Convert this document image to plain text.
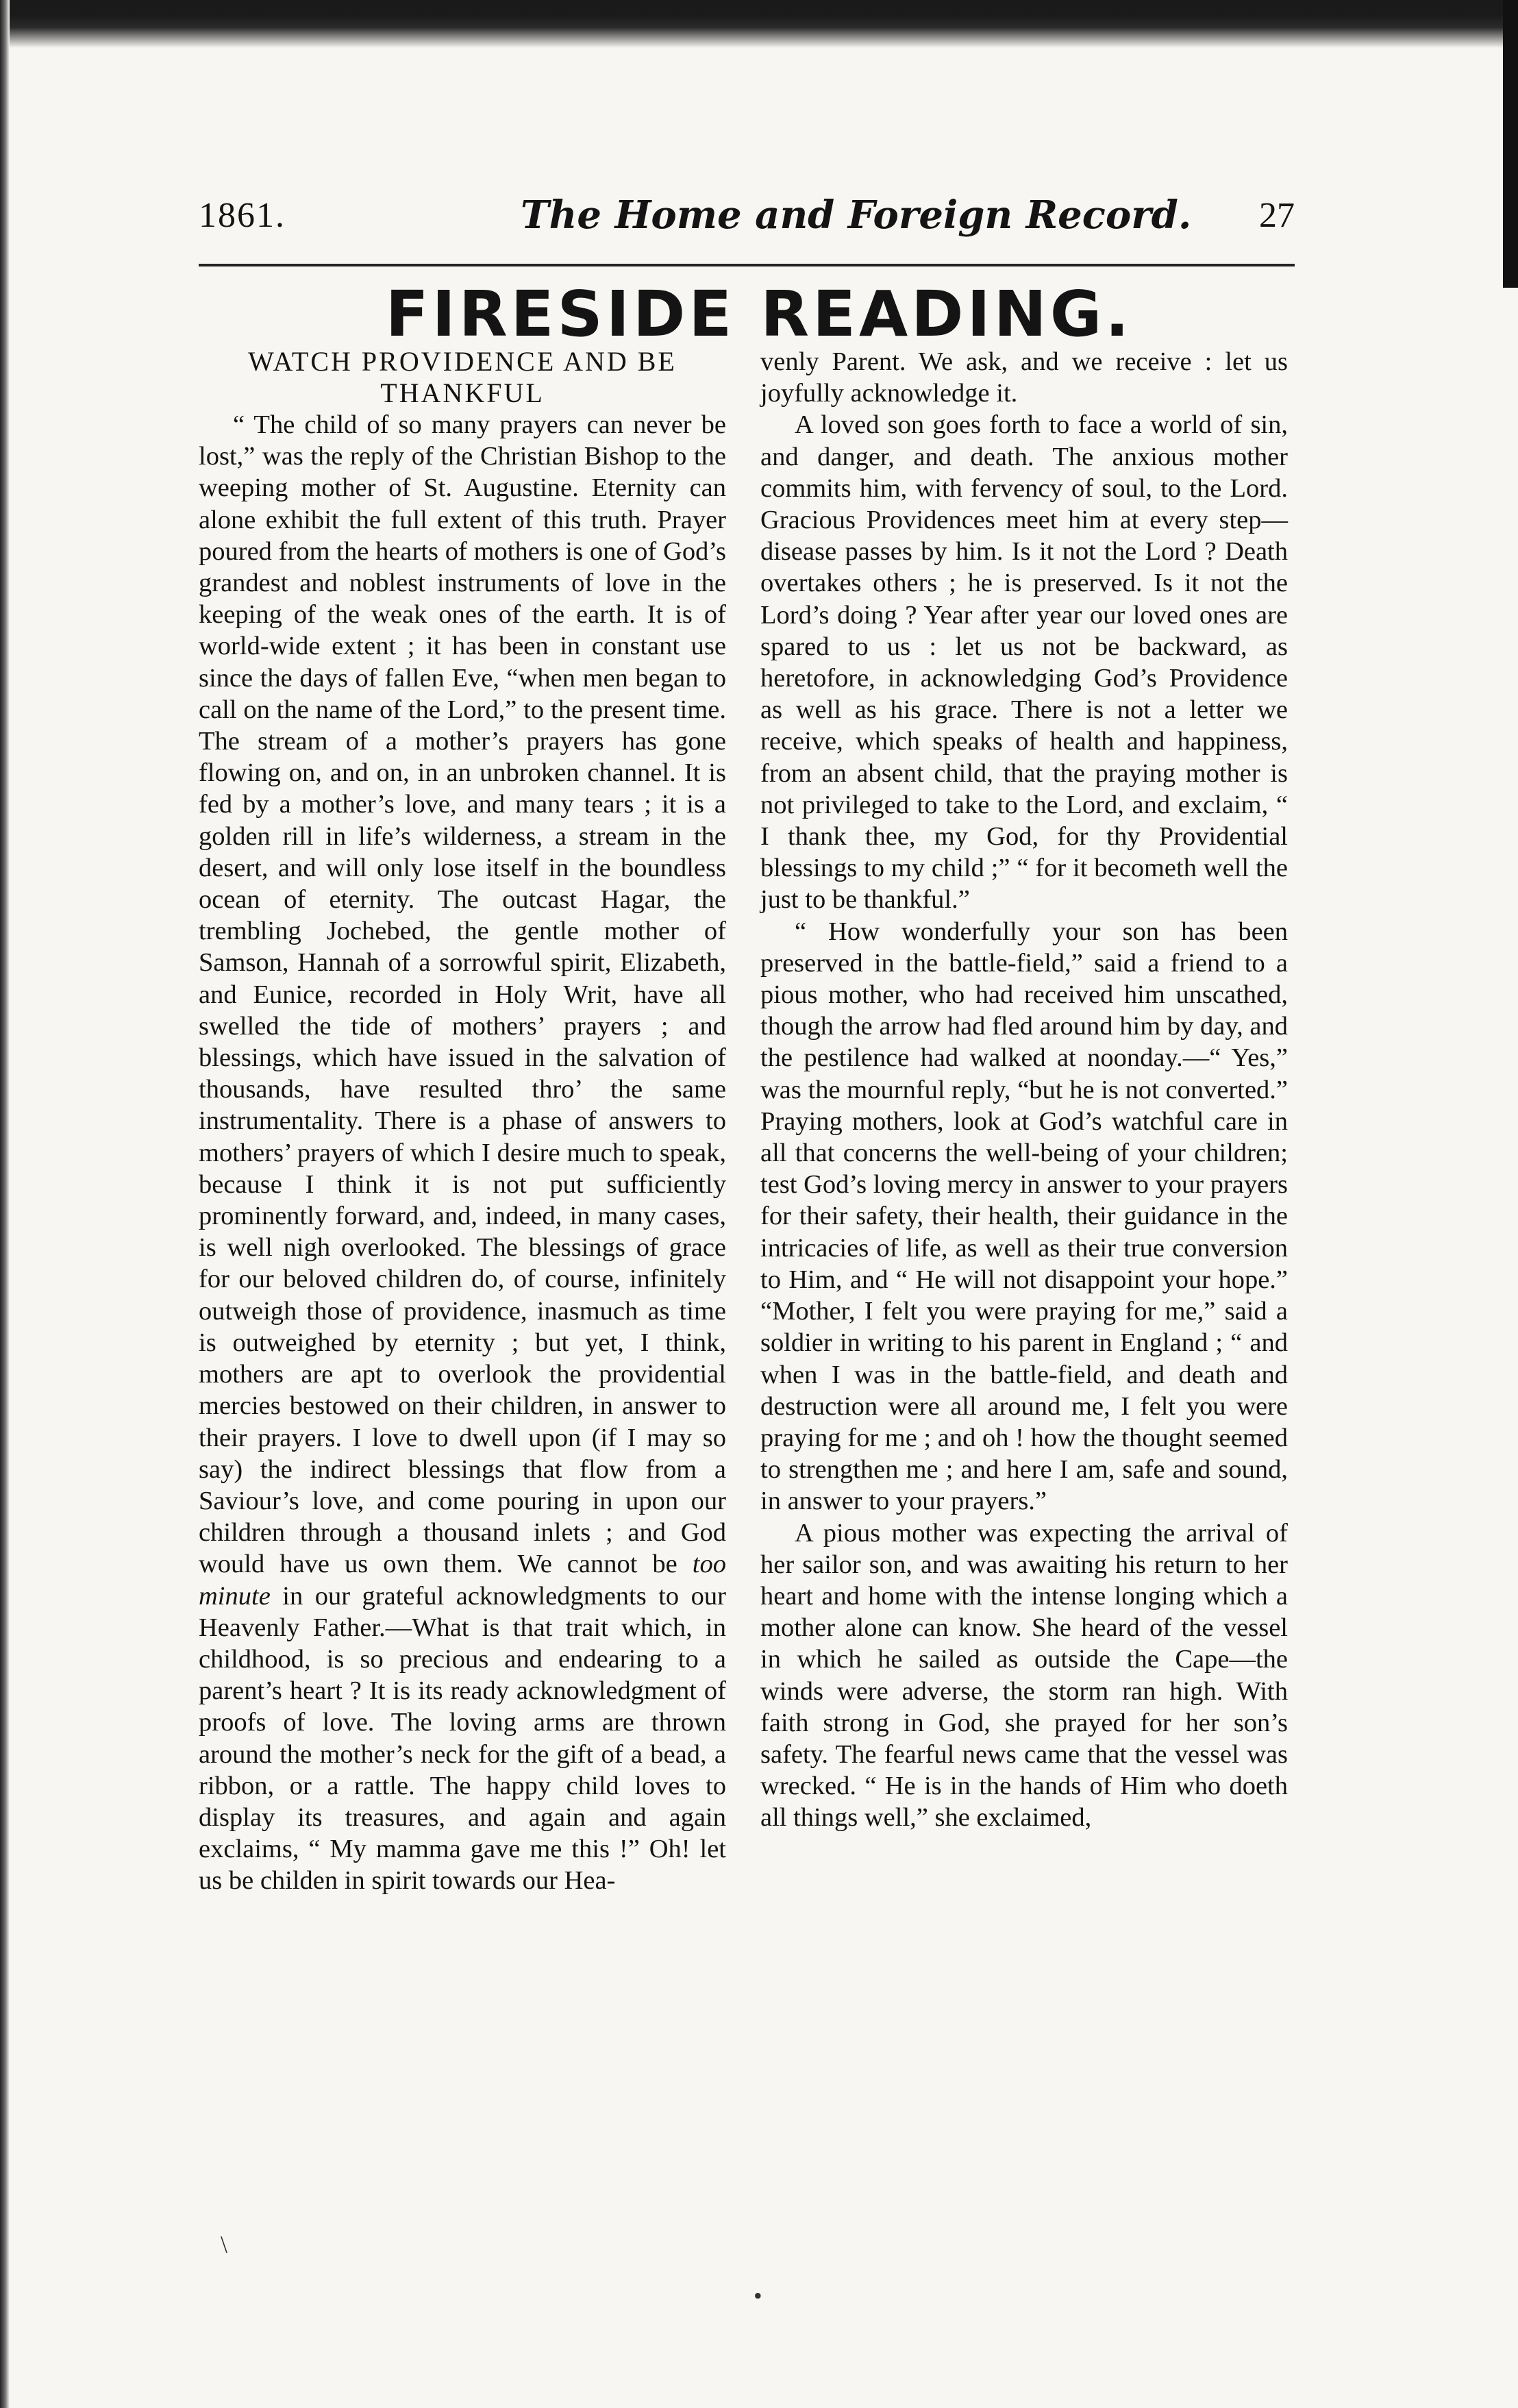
1861.	The Home and Foreign Record. 27
FIRESIDE READING.
WATCH PROVIDENCE AND BE THANKFUL

“ The child of so many prayers can never be lost,” was the reply of the Christian Bishop to the weeping mother of St. Augustine. Eternity can alone exhibit the full extent of this truth. Prayer poured from the hearts of mothers is one of God’s grandest and noblest instruments of love in the keeping of the weak ones of the earth. It is of world-wide extent ; it has been in constant use since the days of fallen Eve, “when men began to call on the name of the Lord,” to the present time. The stream of a mother’s prayers has gone flowing on, and on, in an unbroken channel. It is fed by a mother’s love, and many tears ; it is a golden rill in life’s wilderness, a stream in the desert, and will only lose itself in the boundless ocean of eternity. The outcast Hagar, the trembling Jochebed, the gentle mother of Samson, Hannah of a sorrowful spirit, Elizabeth, and Eunice, recorded in Holy Writ, have all swelled the tide of mothers’ prayers ; and blessings, which have issued in the salvation of thousands, have resulted thro’ the same instrumentality. There is a phase of answers to mothers’ prayers of which I desire much to speak, because I think it is not put sufficiently prominently forward, and, indeed, in many cases, is well nigh overlooked. The blessings of grace for our beloved children do, of course, infinitely outweigh those of providence, inasmuch as time is outweighed by eternity ; but yet, I think, mothers are apt to overlook the providential mercies bestowed on their children, in answer to their prayers. I love to dwell upon (if I may so say) the indirect blessings that flow from a Saviour’s love, and come pouring in upon our children through a thousand inlets ; and God would have us own them. We cannot be too minute in our grateful acknowledgments to our Heavenly Father.—What is that trait which, in childhood, is so precious and endearing to a parent’s heart ? It is its ready acknowledgment of proofs of love. The loving arms are thrown around the mother’s neck for the gift of a bead, a ribbon, or a rattle. The happy child loves to display its treasures, and again and again exclaims, “ My mamma gave me this !” Oh! let us be childen in spirit towards our Hea-

venly Parent. We ask, and we receive : let us joyfully acknowledge it.

A loved son goes forth to face a world of sin, and danger, and death. The anxious mother commits him, with fervency of soul, to the Lord. Gracious Providences meet him at every step—disease passes by him. Is it not the Lord ? Death overtakes others ; he is preserved. Is it not the Lord’s doing ? Year after year our loved ones are spared to us : let us not be backward, as heretofore, in acknowledging God’s Providence as well as his grace. There is not a letter we receive, which speaks of health and happiness, from an absent child, that the praying mother is not privileged to take to the Lord, and exclaim, “ I thank thee, my God, for thy Providential blessings to my child ;” “ for it becometh well the just to be thankful.”

“ How wonderfully your son has been preserved in the battle-field,” said a friend to a pious mother, who had received him unscathed, though the arrow had fled around him by day, and the pestilence had walked at noonday.—“ Yes,” was the mournful reply, “but he is not converted.” Praying mothers, look at God’s watchful care in all that concerns the well-being of your children; test God’s loving mercy in answer to your prayers for their safety, their health, their guidance in the intricacies of life, as well as their true conversion to Him, and “ He will not disappoint your hope.” “Mother, I felt you were praying for me,” said a soldier in writing to his parent in England ; “ and when I was in the battle-field, and death and destruction were all around me, I felt you were praying for me ; and oh ! how the thought seemed to strengthen me ; and here I am, safe and sound, in answer to your prayers.”

A pious mother was expecting the arrival of her sailor son, and was awaiting his return to her heart and home with the intense longing which a mother alone can know. She heard of the vessel in which he sailed as outside the Cape—the winds were adverse, the storm ran high. With faith strong in God, she prayed for her son’s safety. The fearful news came that the vessel was wrecked. “ He is in the hands of Him who doeth all things well,” she exclaimed,

\
•
